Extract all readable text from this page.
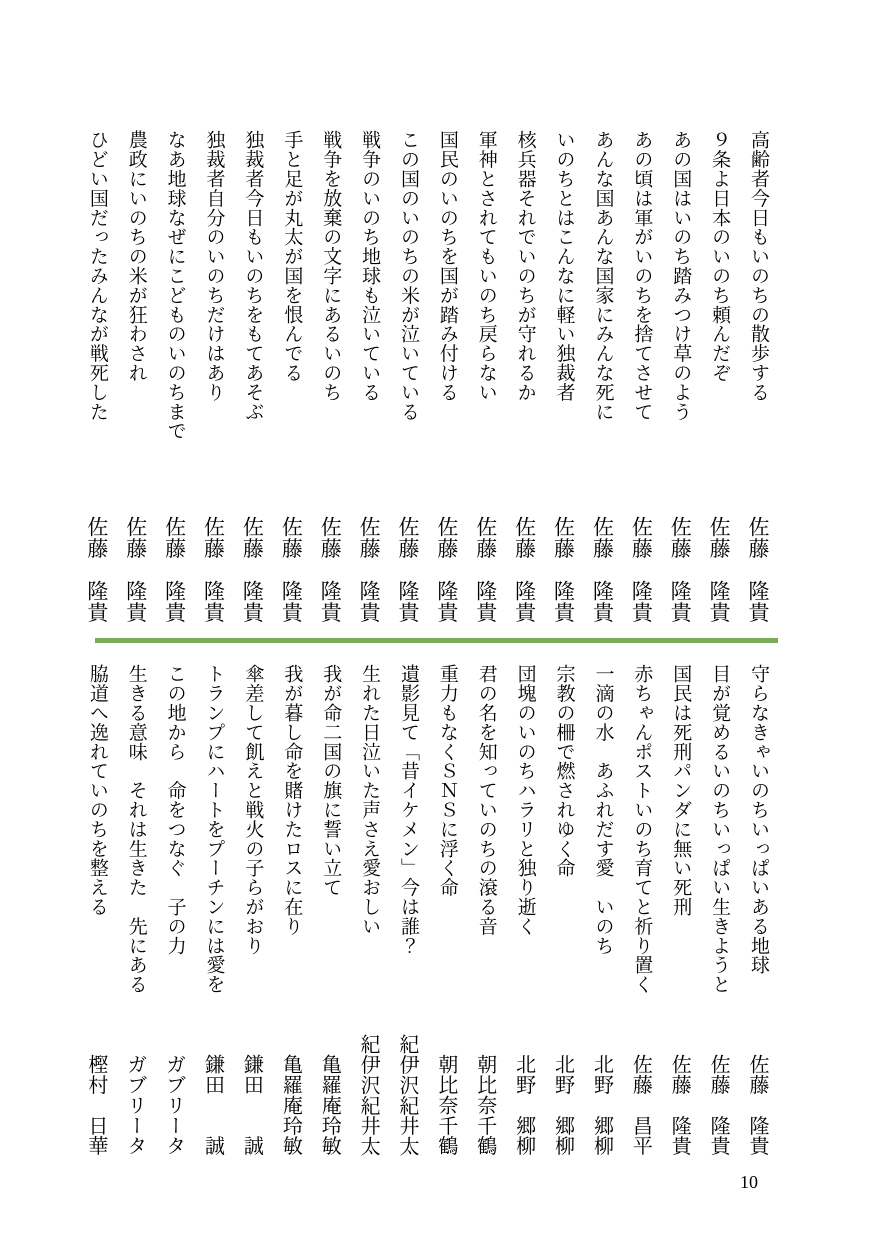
高齢者今日もいのちの散歩する
９条よ日本のいのち頼んだぞ
あの国はいのち踏みつけ草のよう
あの頃は軍がいのちを捨てさせて
あんな国あんな国家にみんな死に
いのちとはこんなに軽い独裁者
核兵器それでいのちが守れるか
軍神とされてもいのち戻らない
国民のいのちを国が踏み付ける
この国のいのちの米が泣いている
戦争のいのち地球も泣いている
戦争を放棄の文字にあるいのち
手と足が丸太が国を恨んでる
独裁者今日もいのちをもてあそぶ
独裁者自分のいのちだけはあり
なあ地球なぜにこどものいのちまで
農政にいのちの米が狂わされ
ひどい国だったみんなが戦死した
佐藤　隆貴
佐藤　隆貴
佐藤　隆貴
佐藤　隆貴
佐藤　隆貴
佐藤　隆貴
佐藤　隆貴
佐藤　隆貴
佐藤　隆貴
佐藤　隆貴
佐藤　隆貴
佐藤　隆貴
佐藤　隆貴
佐藤　隆貴
佐藤　隆貴
佐藤　隆貴
佐藤　隆貴
佐藤　隆貴
守らなきゃいのちいっぱいある地球
目が覚めるいのちいっぱい生きようと
国民は死刑パンダに無い死刑
赤ちゃんポストいのち育てと祈り置く
一滴の水　あふれだす愛　いのち
宗教の柵で燃されゆく命
団塊のいのちハラリと独り逝く
君の名を知っていのちの滾る音
重力もなくＳＮＳに浮く命
遺影見て「昔イケメン」今は誰？
生れた日泣いた声さえ愛おしい
我が命二国の旗に誓い立て
我が暮し命を賭けたロスに在り
傘差して飢えと戦火の子らがおり
トランプにハートをプーチンには愛を
この地から　命をつなぐ　子の力
生きる意味　それは生きた　先にある
脇道へ逸れていのちを整える
佐藤　隆貴
佐藤　隆貴
佐藤　隆貴
佐藤　昌平
北野　郷柳
北野　郷柳
北野　郷柳
朝比奈千鶴
朝比奈千鶴
紀伊沢紀井太
紀伊沢紀井太
亀羅庵玲敏
亀羅庵玲敏
鎌田　　誠
鎌田　　誠
ガブリータ
ガブリータ
樫村　日華
10
